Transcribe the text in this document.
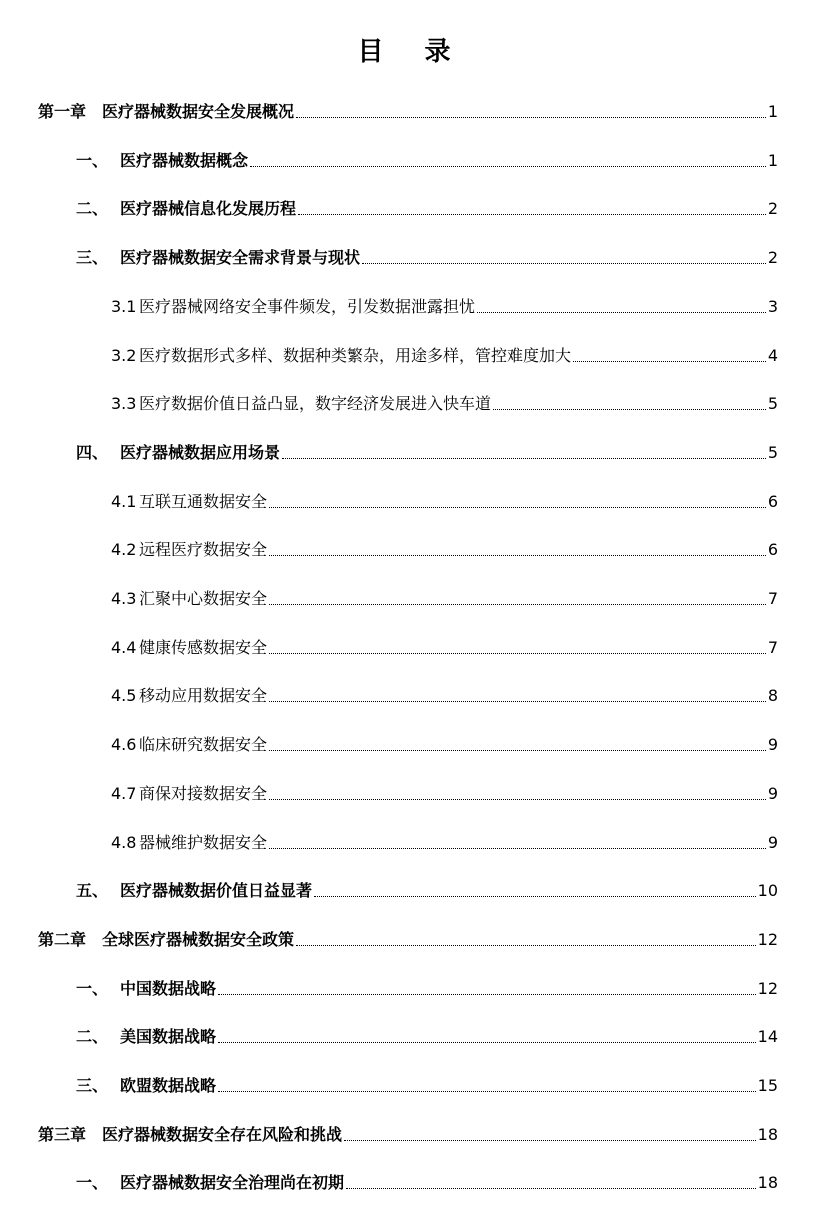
目 录
第一章 医疗器械数据安全发展概况	1
一、 医疗器械数据概念	1
二、 医疗器械信息化发展历程	2
三、 医疗器械数据安全需求背景与现状	2
3.1 医疗器械网络安全事件频发，引发数据泄露担忧	3
3.2 医疗数据形式多样、数据种类繁杂，用途多样，管控难度加大	4
3.3 医疗数据价值日益凸显，数字经济发展进入快车道	5
四、 医疗器械数据应用场景	5
4.1 互联互通数据安全	6
4.2 远程医疗数据安全	6
4.3 汇聚中心数据安全	7
4.4 健康传感数据安全	7
4.5 移动应用数据安全	8
4.6 临床研究数据安全	9
4.7 商保对接数据安全	9
4.8 器械维护数据安全	9
五、 医疗器械数据价值日益显著	10
第二章 全球医疗器械数据安全政策	12
一、 中国数据战略	12
二、 美国数据战略	14
三、 欧盟数据战略	15
第三章 医疗器械数据安全存在风险和挑战	18
一、 医疗器械数据安全治理尚在初期	18
